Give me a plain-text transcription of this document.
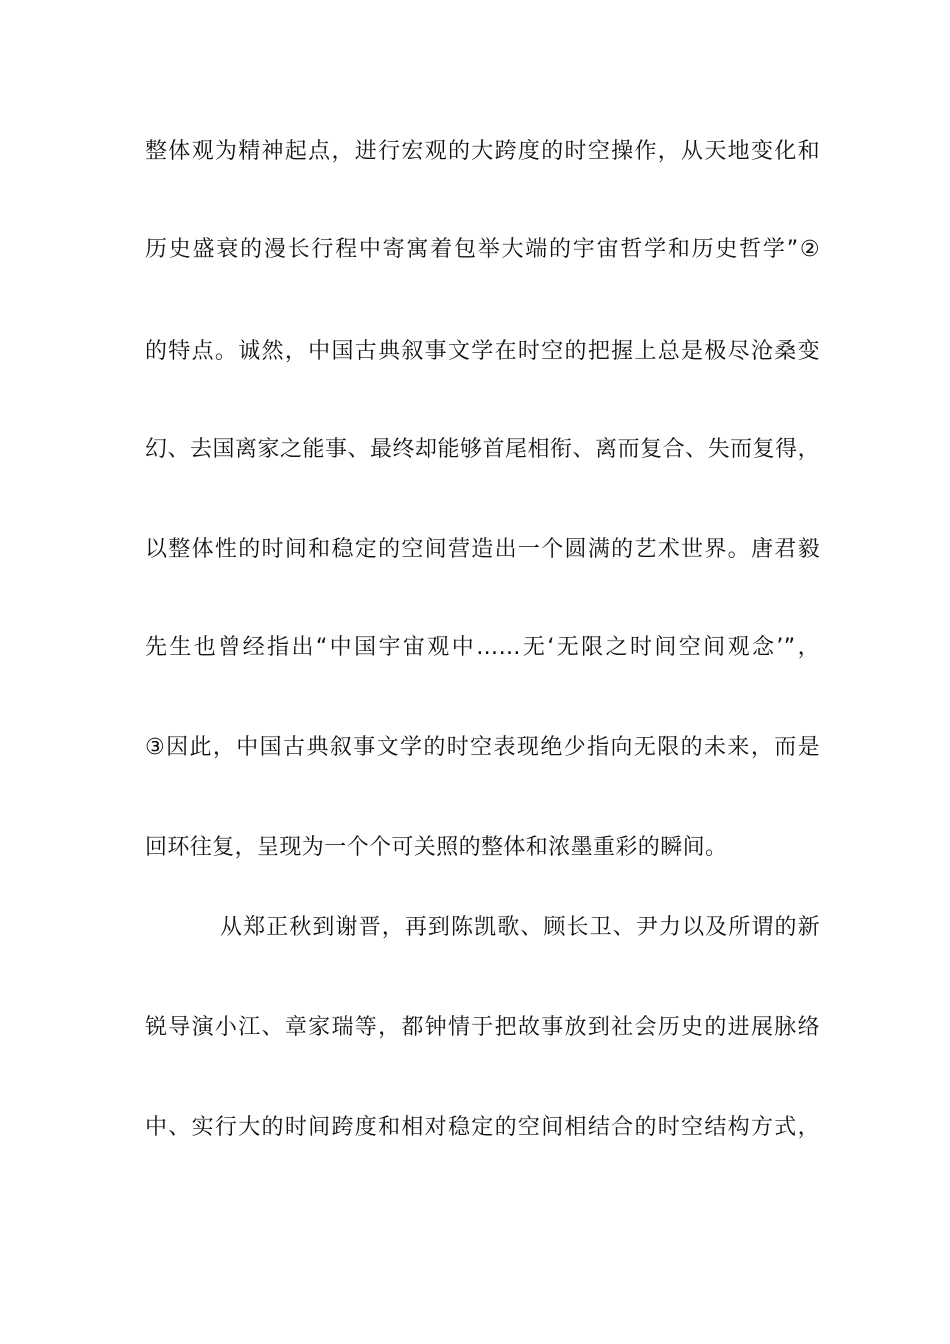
整体观为精神起点，进行宏观的大跨度的时空操作，从天地变化和
历史盛衰的漫长行程中寄寓着包举大端的宇宙哲学和历史哲学”②
的特点。诚然，中国古典叙事文学在时空的把握上总是极尽沧桑变
幻、去国离家之能事、最终却能够首尾相衔、离而复合、失而复得，
以整体性的时间和稳定的空间营造出一个圆满的艺术世界。唐君毅
先生也曾经指出“中国宇宙观中……无‘无限之时间空间观念’”，
③因此，中国古典叙事文学的时空表现绝少指向无限的未来，而是
回环往复，呈现为一个个可关照的整体和浓墨重彩的瞬间。
从郑正秋到谢晋，再到陈凯歌、顾长卫、尹力以及所谓的新
锐导演小江、章家瑞等，都钟情于把故事放到社会历史的进展脉络
中、实行大的时间跨度和相对稳定的空间相结合的时空结构方式，
